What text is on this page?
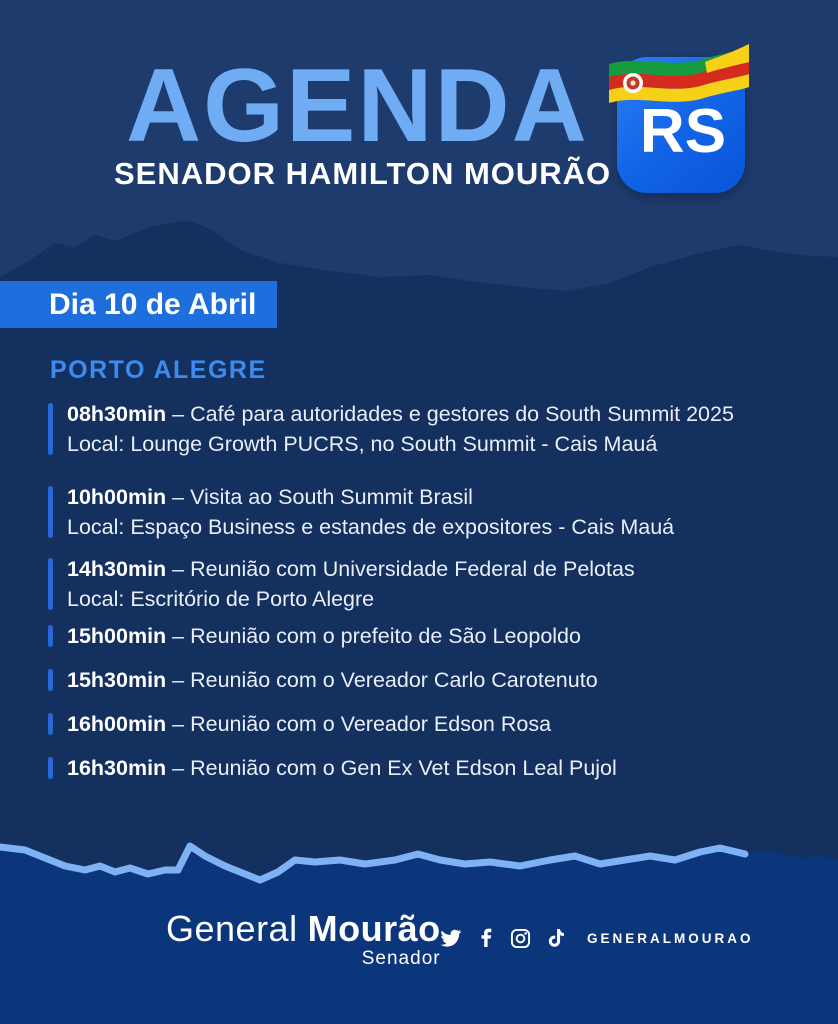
AGENDA
SENADOR HAMILTON MOURÃO
RS
Dia 10 de Abril
PORTO ALEGRE
08h30min – Café para autoridades e gestores do South Summit 2025
Local: Lounge Growth PUCRS, no South Summit - Cais Mauá
10h00min – Visita ao South Summit Brasil
Local: Espaço Business e estandes de expositores - Cais Mauá
14h30min – Reunião com Universidade Federal de Pelotas
Local: Escritório de Porto Alegre
15h00min – Reunião com o prefeito de São Leopoldo
15h30min – Reunião com o Vereador Carlo Carotenuto
16h00min – Reunião com o Vereador Edson Rosa
16h30min – Reunião com o Gen Ex Vet Edson Leal Pujol
General Mourão
Senador
GENERALMOURAO
